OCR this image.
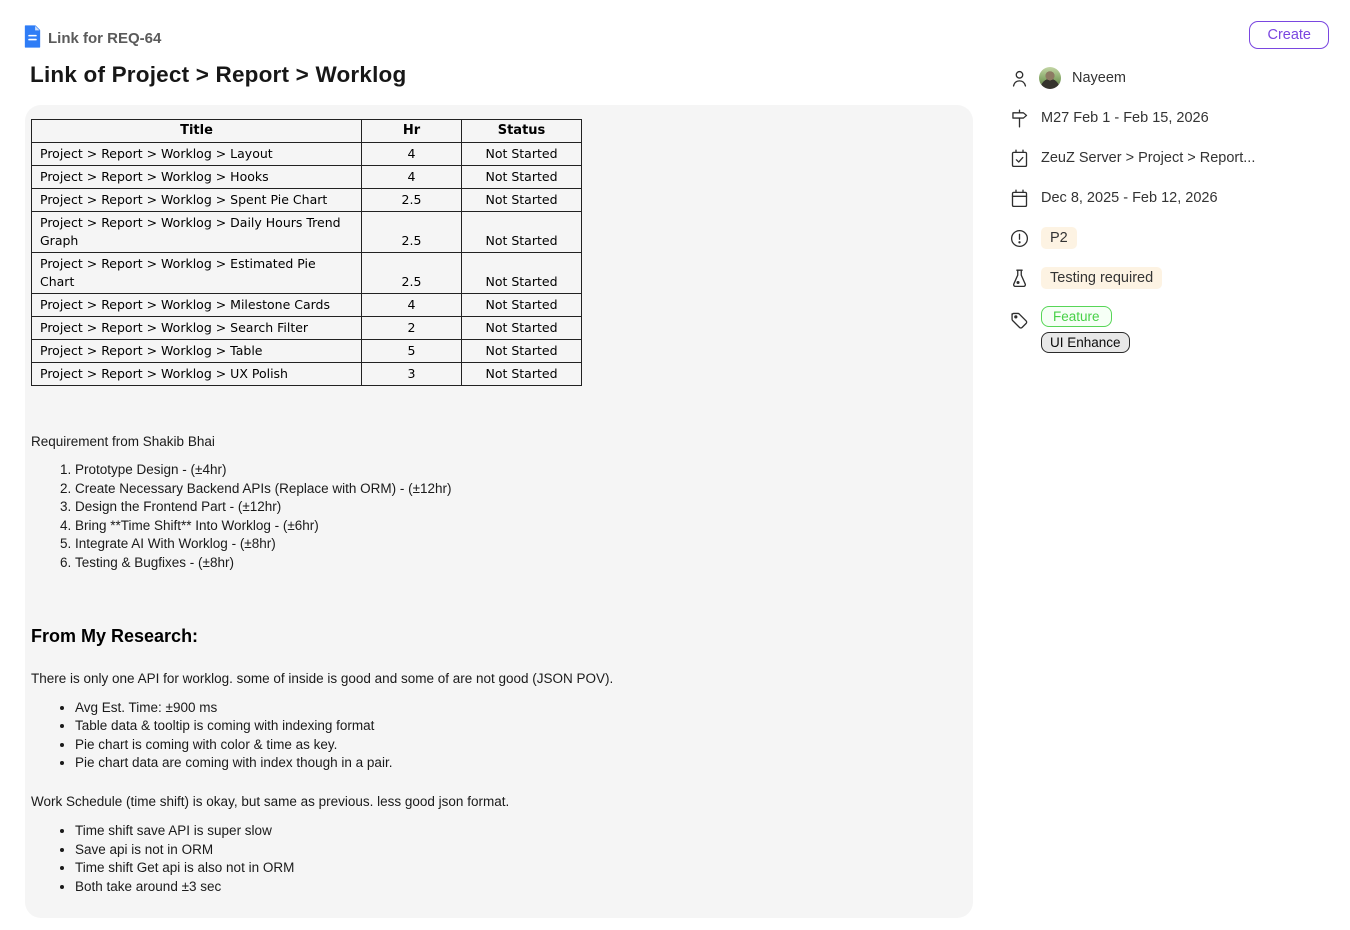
Link for REQ-64	Create
Link of Project > Report > Worklog
Title	Hr	Status
Project > Report > Worklog > Layout	4	Not Started
Project > Report > Worklog > Hooks	4	Not Started
Project > Report > Worklog > Spent Pie Chart	2.5	Not Started
Project > Report > Worklog > Daily Hours Trend Graph	2.5	Not Started
Project > Report > Worklog > Estimated Pie Chart	2.5	Not Started
Project > Report > Worklog > Milestone Cards	4	Not Started
Project > Report > Worklog > Search Filter	2	Not Started
Project > Report > Worklog > Table	5	Not Started
Project > Report > Worklog > UX Polish	3	Not Started

Requirement from Shakib Bhai

1. Prototype Design - (±4hr)
2. Create Necessary Backend APIs (Replace with ORM) - (±12hr)
3. Design the Frontend Part - (±12hr)
4. Bring **Time Shift** Into Worklog - (±6hr)
5. Integrate AI With Worklog - (±8hr)
6. Testing & Bugfixes - (±8hr)
From My Research:

There is only one API for worklog. some of inside is good and some of are not good (JSON POV).

• Avg Est. Time: ±900 ms
• Table data & tooltip is coming with indexing format
• Pie chart is coming with color & time as key.
• Pie chart data are coming with index though in a pair.

Work Schedule (time shift) is okay, but same as previous. less good json format.

• Time shift save API is super slow
• Save api is not in ORM
• Time shift Get api is also not in ORM
• Both take around ±3 sec
Nayeem
M27 Feb 1 - Feb 15, 2026
ZeuZ Server > Project > Report...
Dec 8, 2025 - Feb 12, 2026
P2
Testing required
Feature
UI Enhance
